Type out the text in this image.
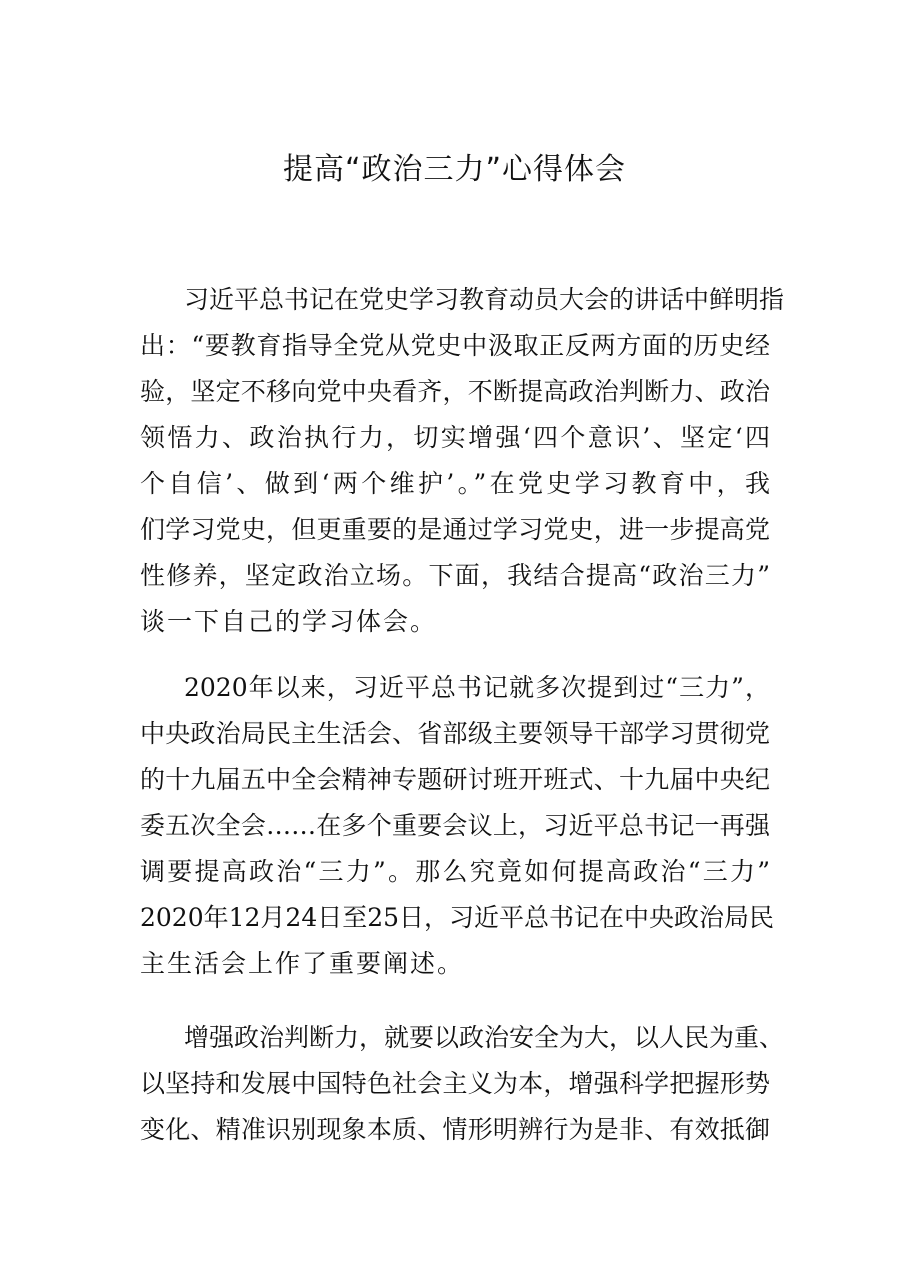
提高“政治三力”心得体会
习近平总书记在党史学习教育动员大会的讲话中鲜明指
出：“要教育指导全党从党史中汲取正反两方面的历史经
验，坚定不移向党中央看齐，不断提高政治判断力、政治
领悟力、政治执行力，切实增强‘四个意识’、坚定‘四
个自信’、做到‘两个维护’。”在党史学习教育中，我
们学习党史，但更重要的是通过学习党史，进一步提高党
性修养，坚定政治立场。下面，我结合提高“政治三力”
谈一下自己的学习体会。
2020年以来，习近平总书记就多次提到过“三力”，
中央政治局民主生活会、省部级主要领导干部学习贯彻党
的十九届五中全会精神专题研讨班开班式、十九届中央纪
委五次全会……在多个重要会议上，习近平总书记一再强
调要提高政治“三力”。那么究竟如何提高政治“三力”
2020年12月24日至25日，习近平总书记在中央政治局民
主生活会上作了重要阐述。
增强政治判断力，就要以政治安全为大，以人民为重、
以坚持和发展中国特色社会主义为本，增强科学把握形势
变化、精准识别现象本质、情形明辨行为是非、有效抵御
